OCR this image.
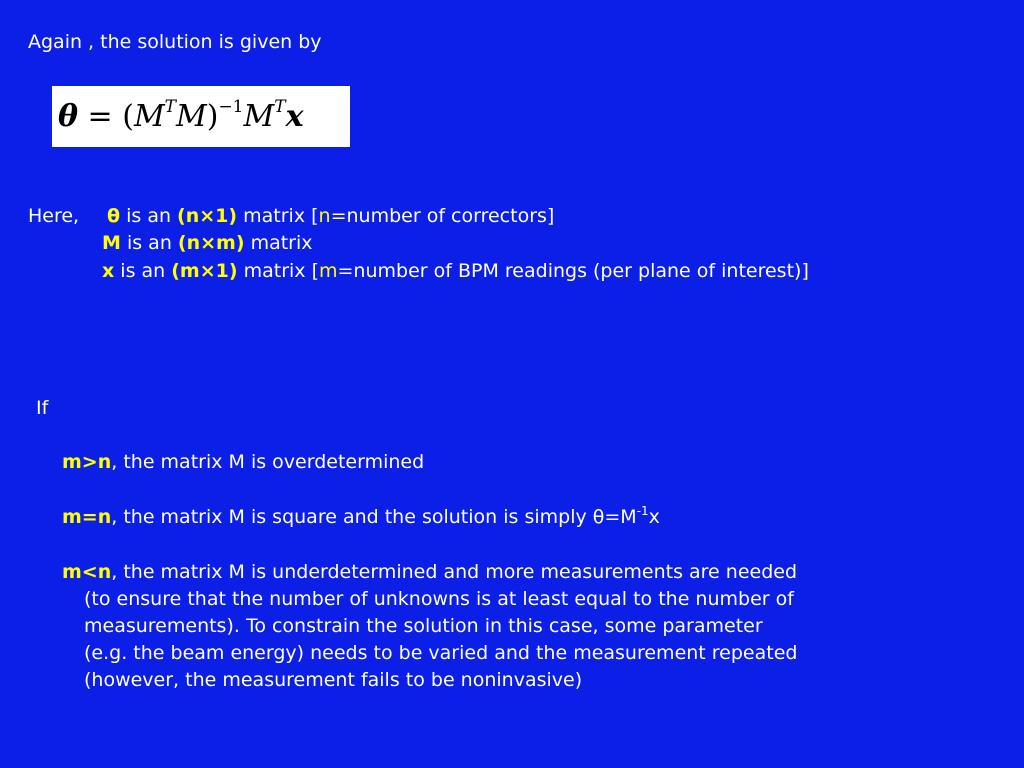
Again , the solution is given by
$\theta = (M^TM)^{-1}M^Tx$
Here, θ is an (n×1) matrix [n=number of correctors]
M is an (n×m) matrix
x is an (m×1) matrix [m=number of BPM readings (per plane of interest)]
If
m>n, the matrix M is overdetermined
m=n, the matrix M is square and the solution is simply $\theta=M^{-1}x$
m<n, the matrix M is underdetermined and more measurements are needed
(to ensure that the number of unknowns is at least equal to the number of
measurements). To constrain the solution in this case, some parameter
(e.g. the beam energy) needs to be varied and the measurement repeated
(however, the measurement fails to be noninvasive)
